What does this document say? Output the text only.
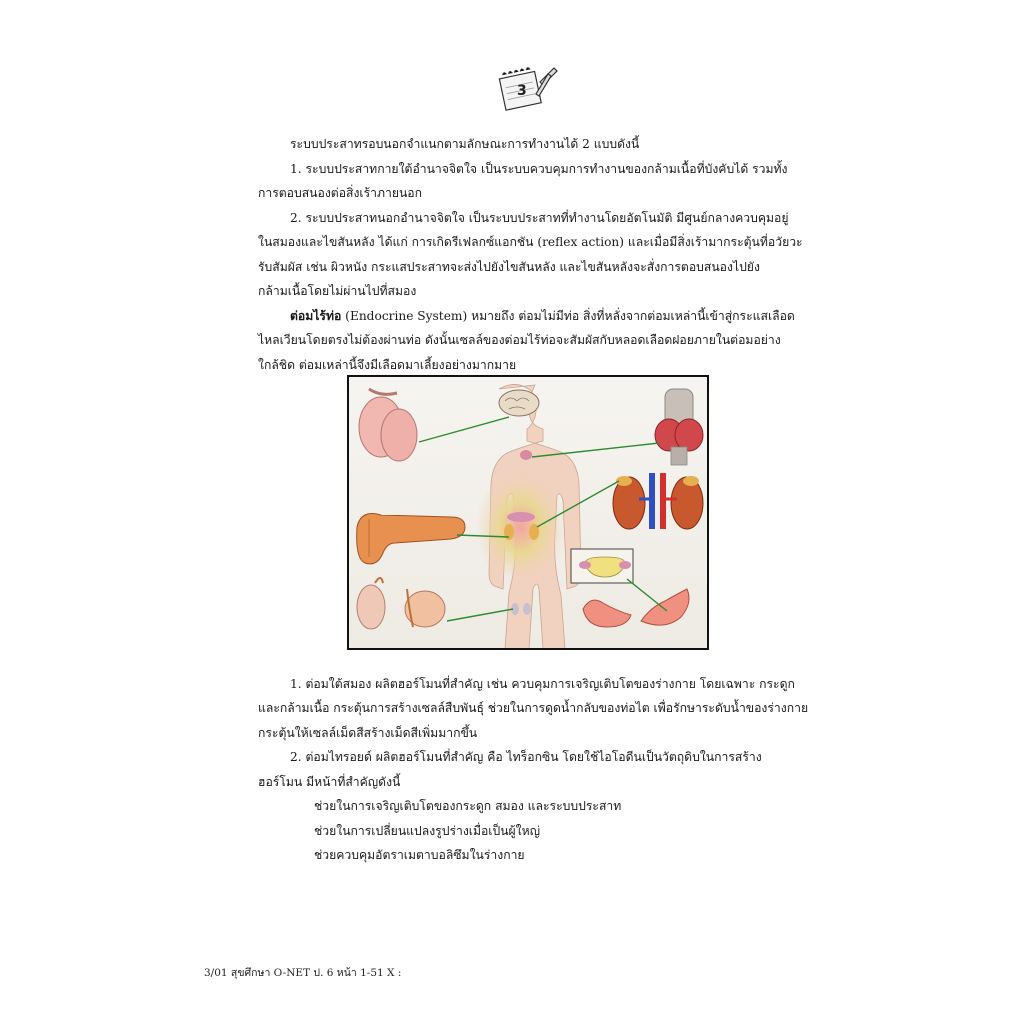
3

ระบบประสาทรอบนอกจำแนกตามลักษณะการทำงานได้ 2 แบบดังนี้

1. ระบบประสาทกายใต้อำนาจจิตใจ เป็นระบบควบคุมการทำงานของกล้ามเนื้อที่บังคับได้ รวมทั้ง

การตอบสนองต่อสิ่งเร้าภายนอก

2. ระบบประสาทนอกอำนาจจิตใจ เป็นระบบประสาทที่ทำงานโดยอัตโนมัติ มีศูนย์กลางควบคุมอยู่

ในสมองและไขสันหลัง ได้แก่ การเกิดรีเฟลกซ์แอกชัน (reflex action) และเมื่อมีสิ่งเร้ามากระตุ้นที่อวัยวะ

รับสัมผัส เช่น ผิวหนัง กระแสประสาทจะส่งไปยังไขสันหลัง และไขสันหลังจะสั่งการตอบสนองไปยัง

กล้ามเนื้อโดยไม่ผ่านไปที่สมอง

ต่อมไร้ท่อ (Endocrine System) หมายถึง ต่อมไม่มีท่อ สิ่งที่หลั่งจากต่อมเหล่านี้เข้าสู่กระแสเลือด

ไหลเวียนโดยตรงไม่ต้องผ่านท่อ ดังนั้นเซลล์ของต่อมไร้ท่อจะสัมผัสกับหลอดเลือดฝอยภายในต่อมอย่าง

ใกล้ชิด ต่อมเหล่านี้จึงมีเลือดมาเลี้ยงอย่างมากมาย

1. ต่อมใต้สมอง ผลิตฮอร์โมนที่สำคัญ เช่น ควบคุมการเจริญเติบโตของร่างกาย โดยเฉพาะ กระดูก

และกล้ามเนื้อ กระตุ้นการสร้างเซลล์สืบพันธุ์ ช่วยในการดูดน้ำกลับของท่อไต เพื่อรักษาระดับน้ำของร่างกาย

กระตุ้นให้เซลล์เม็ดสีสร้างเม็ดสีเพิ่มมากขึ้น

2. ต่อมไทรอยด์ ผลิตฮอร์โมนที่สำคัญ คือ ไทร็อกซิน โดยใช้ไอโอดีนเป็นวัตถุดิบในการสร้าง

ฮอร์โมน มีหน้าที่สำคัญดังนี้

ช่วยในการเจริญเติบโตของกระดูก สมอง และระบบประสาท

ช่วยในการเปลี่ยนแปลงรูปร่างเมื่อเป็นผู้ใหญ่

ช่วยควบคุมอัตราเมตาบอลิซึมในร่างกาย

3/01 สุขศึกษา O-NET ป. 6 หน้า 1-51 X :
